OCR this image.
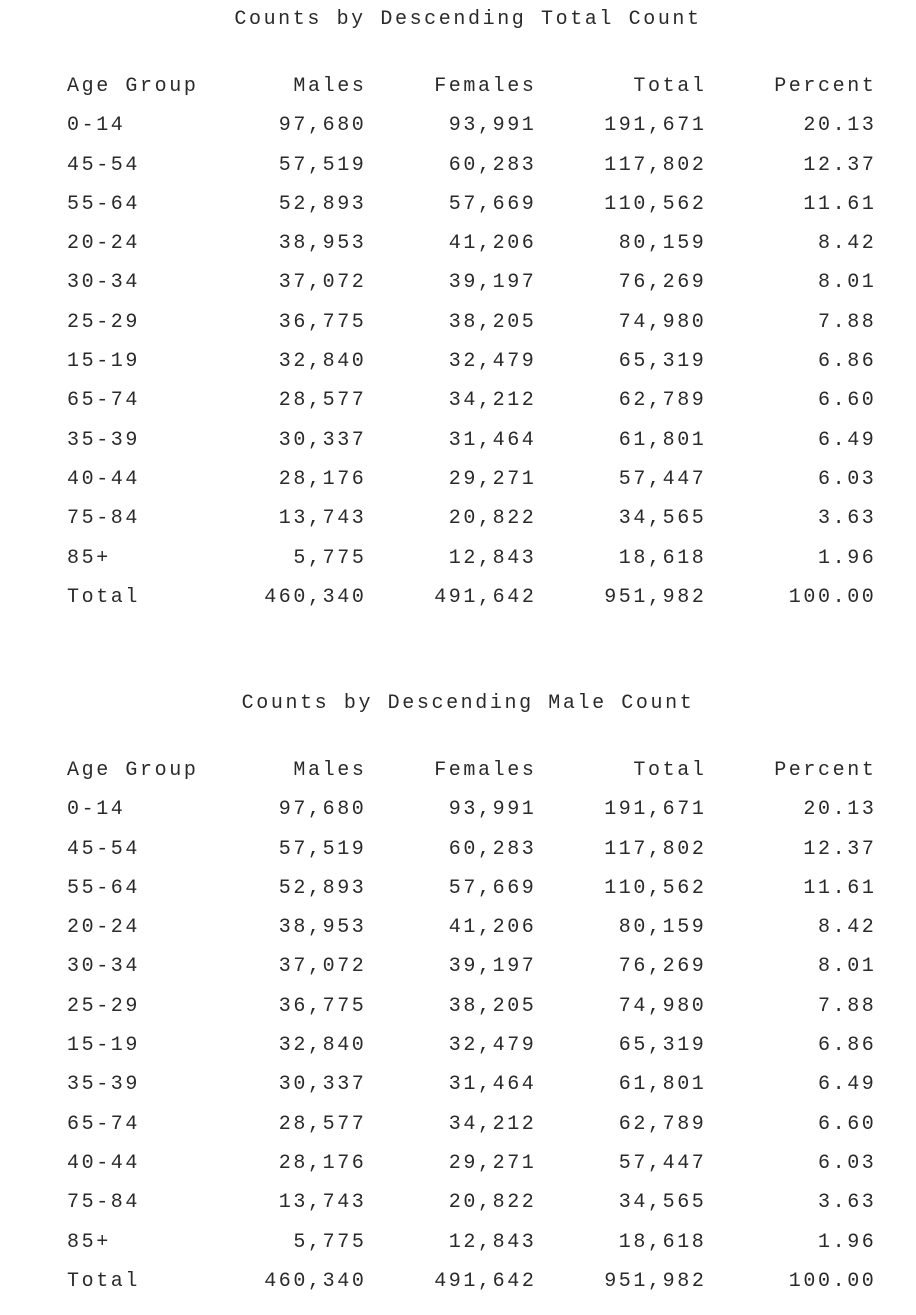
Counts by Descending Total Count
Age Group	Males	Females	Total	Percent
0-14	97,680	93,991	191,671	20.13
45-54	57,519	60,283	117,802	12.37
55-64	52,893	57,669	110,562	11.61
20-24	38,953	41,206	80,159	8.42
30-34	37,072	39,197	76,269	8.01
25-29	36,775	38,205	74,980	7.88
15-19	32,840	32,479	65,319	6.86
65-74	28,577	34,212	62,789	6.60
35-39	30,337	31,464	61,801	6.49
40-44	28,176	29,271	57,447	6.03
75-84	13,743	20,822	34,565	3.63
85+	5,775	12,843	18,618	1.96
Total	460,340	491,642	951,982	100.00
Counts by Descending Male Count
Age Group	Males	Females	Total	Percent
0-14	97,680	93,991	191,671	20.13
45-54	57,519	60,283	117,802	12.37
55-64	52,893	57,669	110,562	11.61
20-24	38,953	41,206	80,159	8.42
30-34	37,072	39,197	76,269	8.01
25-29	36,775	38,205	74,980	7.88
15-19	32,840	32,479	65,319	6.86
35-39	30,337	31,464	61,801	6.49
65-74	28,577	34,212	62,789	6.60
40-44	28,176	29,271	57,447	6.03
75-84	13,743	20,822	34,565	3.63
85+	5,775	12,843	18,618	1.96
Total	460,340	491,642	951,982	100.00
